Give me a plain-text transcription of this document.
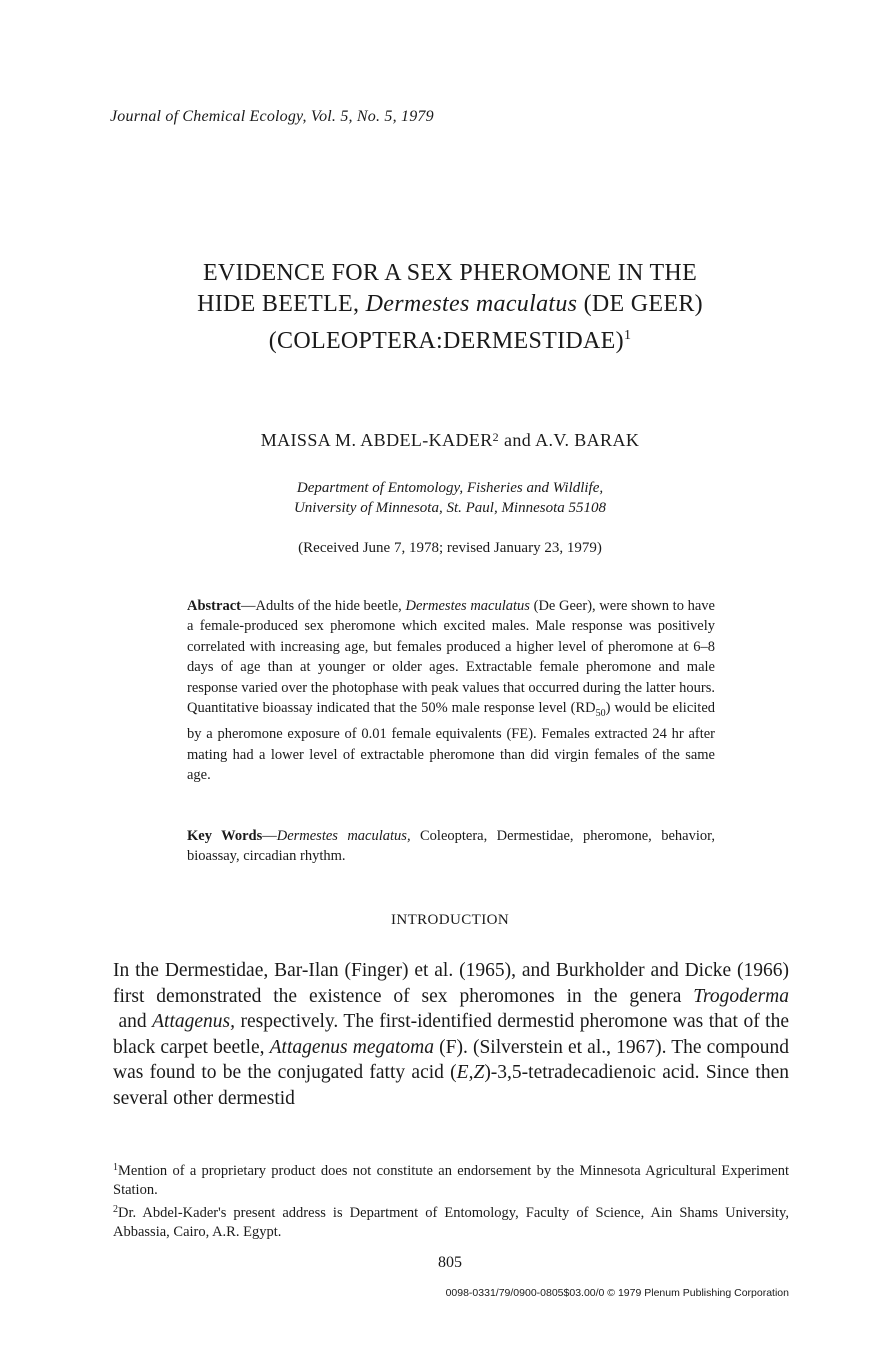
Journal of Chemical Ecology, Vol. 5, No. 5, 1979
EVIDENCE FOR A SEX PHEROMONE IN THE
HIDE BEETLE, Dermestes maculatus (DE GEER)
(COLEOPTERA:DERMESTIDAE)$^1$
MAISSA M. ABDEL-KADER$^2$ and A.V. BARAK
Department of Entomology, Fisheries and Wildlife,
University of Minnesota, St. Paul, Minnesota 55108
(Received June 7, 1978; revised January 23, 1979)
Abstract—Adults of the hide beetle, Dermestes maculatus (De Geer), were shown to have a female-produced sex pheromone which excited males. Male response was positively correlated with increasing age, but females produced a higher level of pheromone at 6–8 days of age than at younger or older ages. Extractable female pheromone and male response varied over the photophase with peak values that occurred during the latter hours. Quantitative bioassay indicated that the 50% male response level $(RD_{50})$ would be elicited by a pheromone exposure of 0.01 female equivalents (FE). Females extracted 24 hr after mating had a lower level of extractable pheromone than did virgin females of the same age.
Key Words—Dermestes maculatus, Coleoptera, Dermestidae, pheromone, behavior, bioassay, circadian rhythm.
INTRODUCTION
In the Dermestidae, Bar-Ilan (Finger) et al. (1965), and Burkholder and Dicke (1966) first demonstrated the existence of sex pheromones in the genera Trogoderma and Attagenus, respectively. The first-identified dermestid pheromone was that of the black carpet beetle, Attagenus megatoma (F). (Silverstein et al., 1967). The compound was found to be the conjugated fatty acid (E,Z)-3,5-tetradecadienoic acid. Since then several other dermestid
$^1$Mention of a proprietary product does not constitute an endorsement by the Minnesota Agricultural Experiment Station.
$^2$Dr. Abdel-Kader's present address is Department of Entomology, Faculty of Science, Ain Shams University, Abbassia, Cairo, A.R. Egypt.
805
0098-0331/79/0900-0805$03.00/0 © 1979 Plenum Publishing Corporation
